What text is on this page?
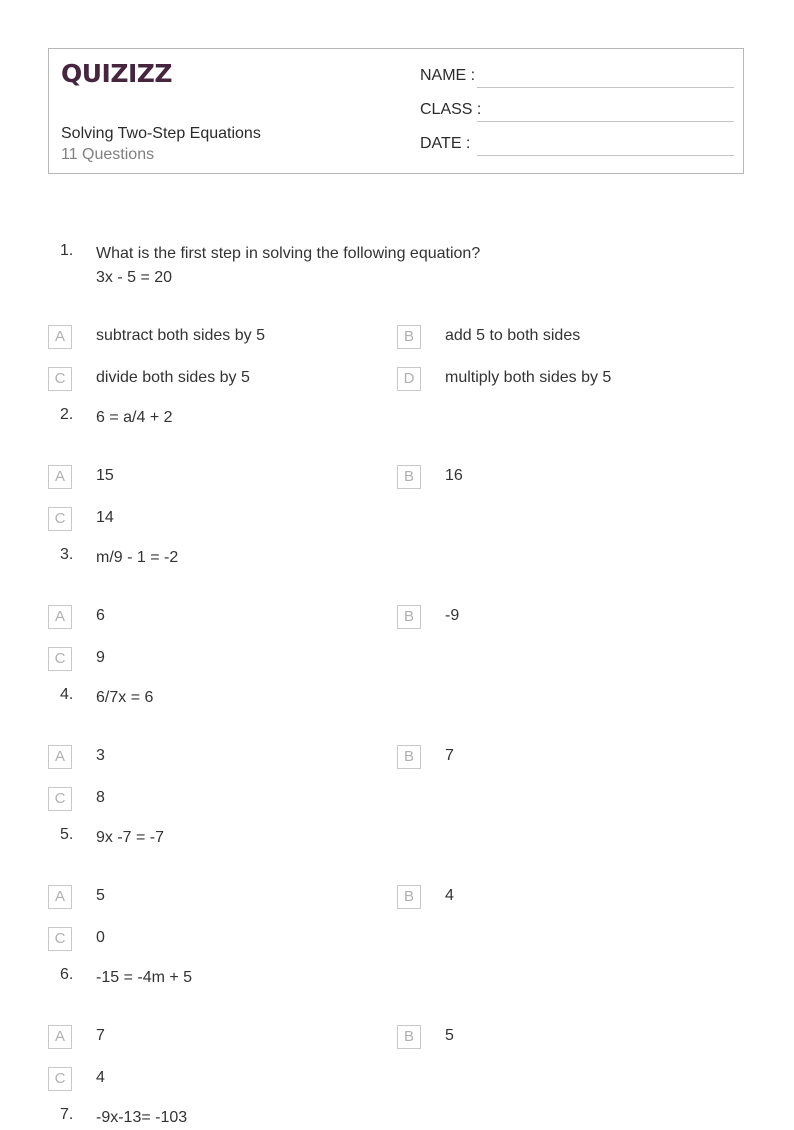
QUIZIZZ
Solving Two-Step Equations
11 Questions
NAME :
CLASS :
DATE :
1. What is the first step in solving the following equation?
3x - 5 = 20
A	subtract both sides by 5	B	add 5 to both sides
C	divide both sides by 5	D	multiply both sides by 5
2. 6 = a/4 + 2
A	15	B	16
C	14
3. m/9 - 1 = -2
A	6	B	-9
C	9
4. 6/7x = 6
A	3	B	7
C	8
5. 9x -7 = -7
A	5	B	4
C	0
6. -15 = -4m + 5
A	7	B	5
C	4
7. -9x-13= -103
